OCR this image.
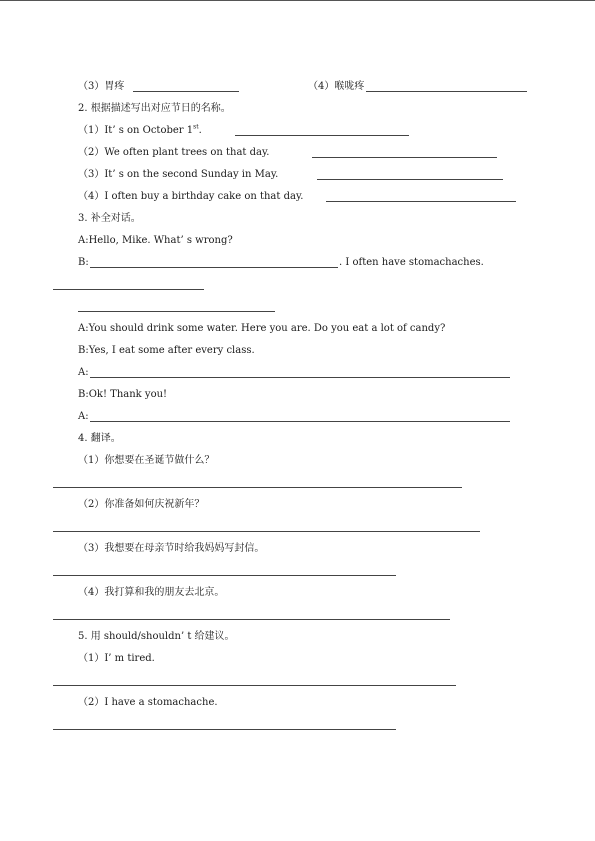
（3）胃疼	（4）喉咙疼
2. 根据描述写出对应节日的名称。
（1）It’ s on October 1st.
（2）We often plant trees on that day.
（3）It’ s on the second Sunday in May.
（4）I often buy a birthday cake on that day.
3. 补全对话。
A:Hello, Mike. What’ s wrong?
B:	. I often have stomachaches.
A:You should drink some water. Here you are. Do you eat a lot of candy?
B:Yes, I eat some after every class.
A:
B:Ok! Thank you!
A:
4. 翻译。
（1）你想要在圣诞节做什么？
（2）你准备如何庆祝新年？
（3）我想要在母亲节时给我妈妈写封信。
（4）我打算和我的朋友去北京。
5. 用 should/shouldn’ t 给建议。
（1）I’ m tired.
（2）I have a stomachache.
